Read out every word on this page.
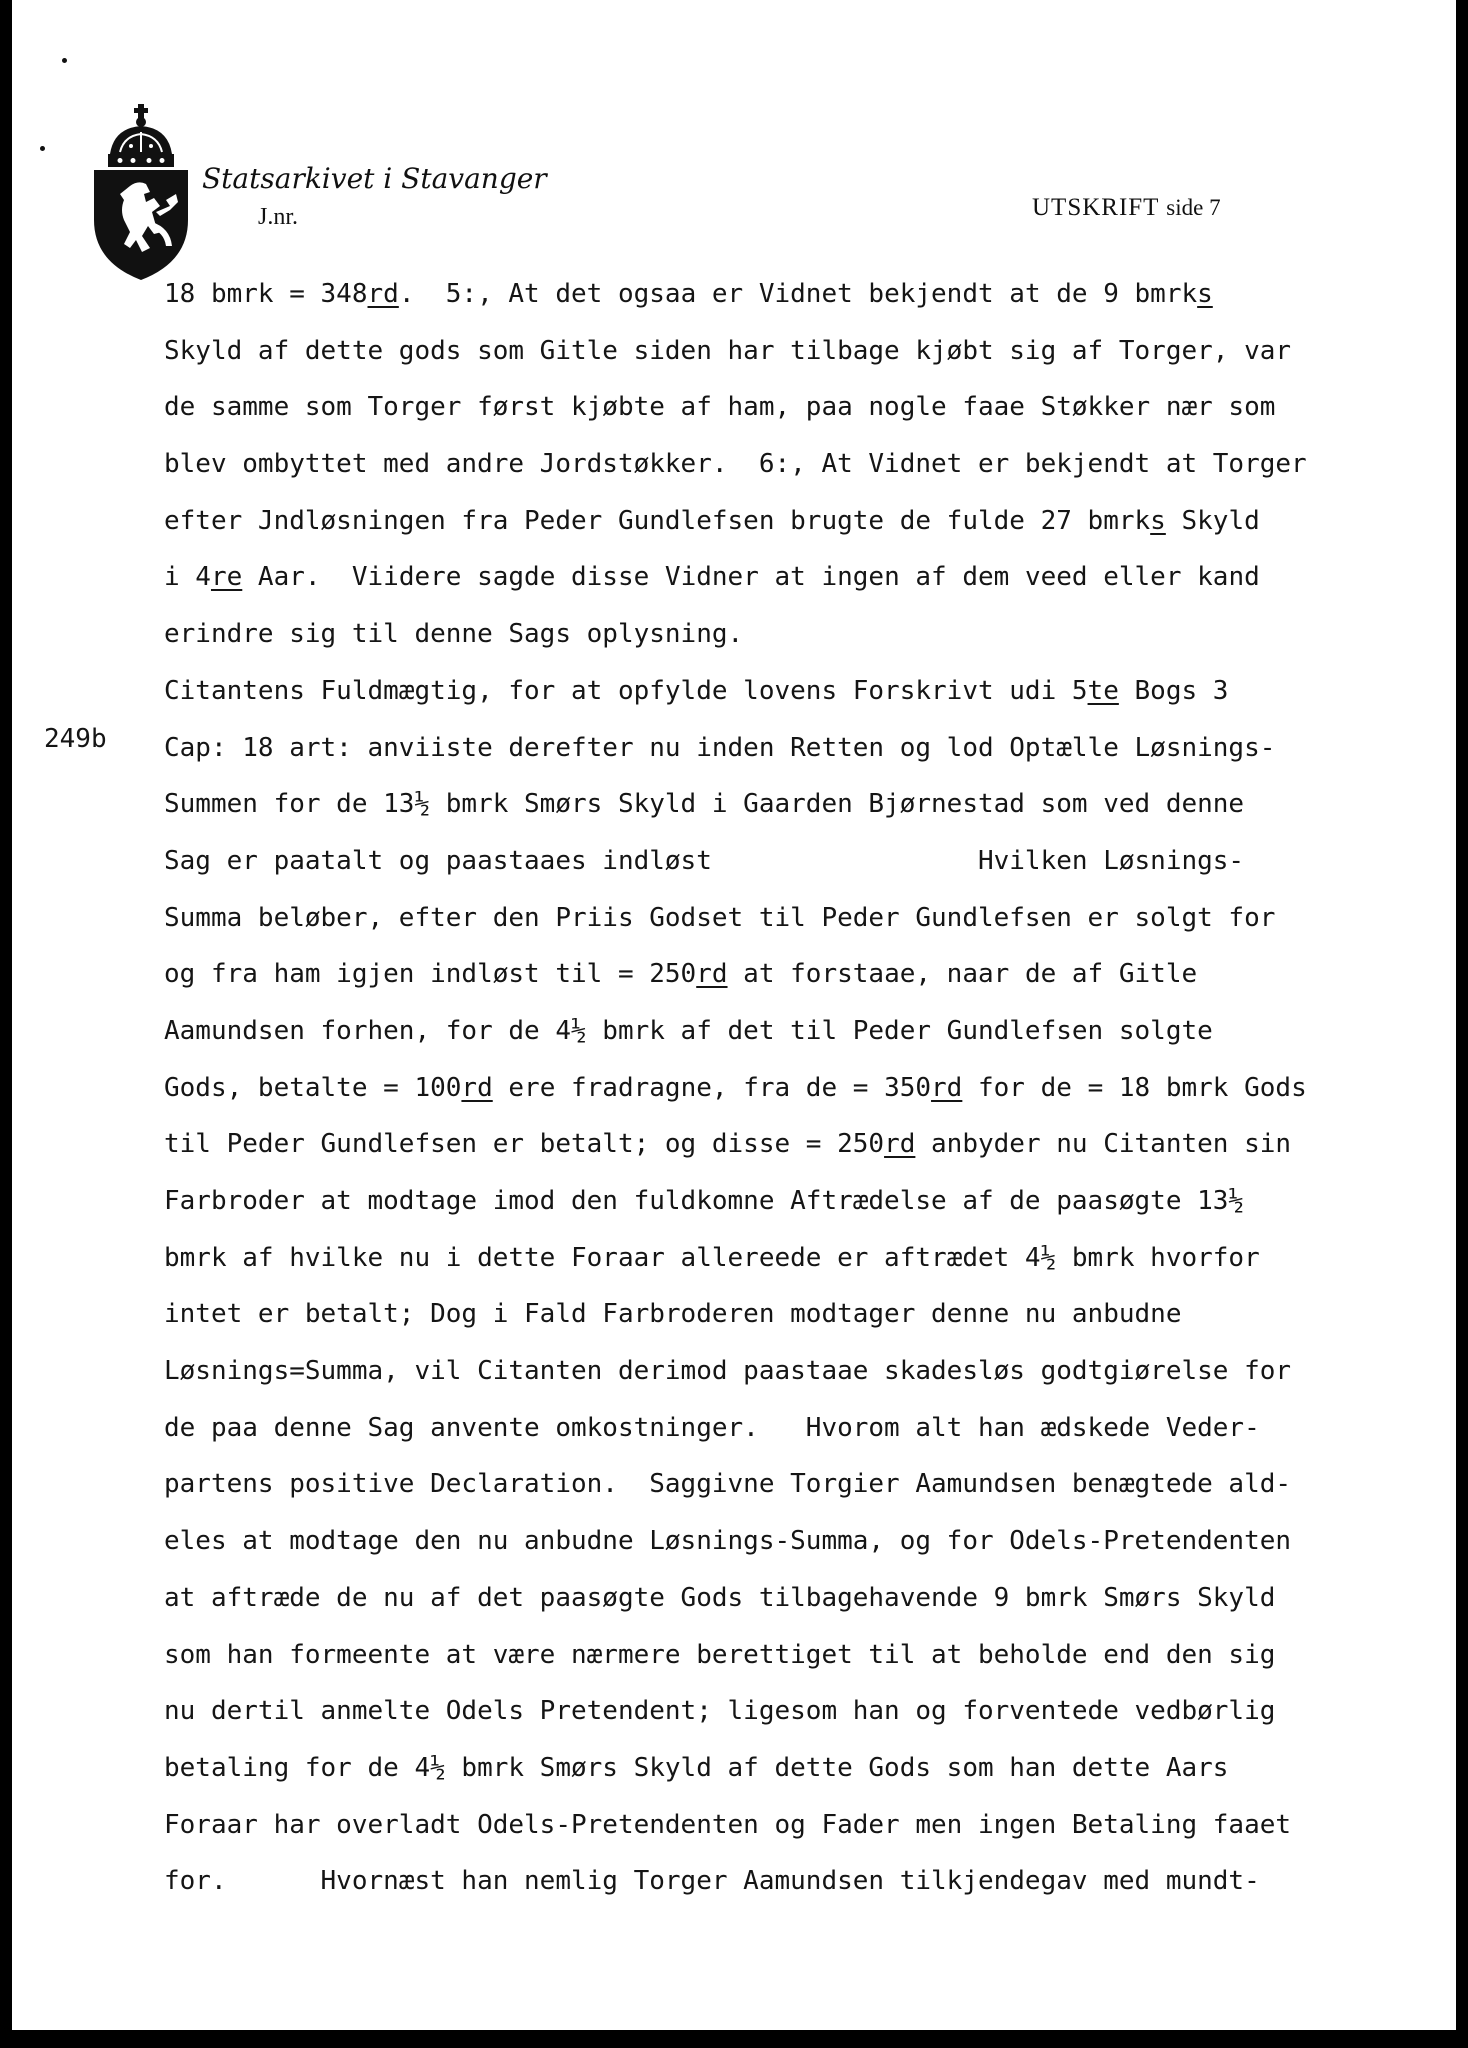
Statsarkivet i Stavanger
J.nr.	UTSKRIFT side 7
249b
18 bmrk = 348rd.  5:, At det ogsaa er Vidnet bekjendt at de 9 bmrks
Skyld af dette gods som Gitle siden har tilbage kjøbt sig af Torger, var
de samme som Torger først kjøbte af ham, paa nogle faae Støkker nær som
blev ombyttet med andre Jordstøkker.  6:, At Vidnet er bekjendt at Torger
efter Jndløsningen fra Peder Gundlefsen brugte de fulde 27 bmrks Skyld
i 4re Aar.  Viidere sagde disse Vidner at ingen af dem veed eller kand
erindre sig til denne Sags oplysning.
Citantens Fuldmægtig, for at opfylde lovens Forskrivt udi 5te Bogs 3
Cap: 18 art: anviiste derefter nu inden Retten og lod Optælle Løsnings-
Summen for de 13½ bmrk Smørs Skyld i Gaarden Bjørnestad som ved denne
Sag er paatalt og paastaaes indløst                 Hvilken Løsnings-
Summa beløber, efter den Priis Godset til Peder Gundlefsen er solgt for
og fra ham igjen indløst til = 250rd at forstaae, naar de af Gitle
Aamundsen forhen, for de 4½ bmrk af det til Peder Gundlefsen solgte
Gods, betalte = 100rd ere fradragne, fra de = 350rd for de = 18 bmrk Gods
til Peder Gundlefsen er betalt; og disse = 250rd anbyder nu Citanten sin
Farbroder at modtage imod den fuldkomne Aftrædelse af de paasøgte 13½
bmrk af hvilke nu i dette Foraar allereede er aftrædet 4½ bmrk hvorfor
intet er betalt; Dog i Fald Farbroderen modtager denne nu anbudne
Løsnings=Summa, vil Citanten derimod paastaae skadesløs godtgiørelse for
de paa denne Sag anvente omkostninger.   Hvorom alt han ædskede Veder-
partens positive Declaration.  Saggivne Torgier Aamundsen benægtede ald-
eles at modtage den nu anbudne Løsnings-Summa, og for Odels-Pretendenten
at aftræde de nu af det paasøgte Gods tilbagehavende 9 bmrk Smørs Skyld
som han formeente at være nærmere berettiget til at beholde end den sig
nu dertil anmelte Odels Pretendent; ligesom han og forventede vedbørlig
betaling for de 4½ bmrk Smørs Skyld af dette Gods som han dette Aars
Foraar har overladt Odels-Pretendenten og Fader men ingen Betaling faaet
for.      Hvornæst han nemlig Torger Aamundsen tilkjendegav med mundt-
